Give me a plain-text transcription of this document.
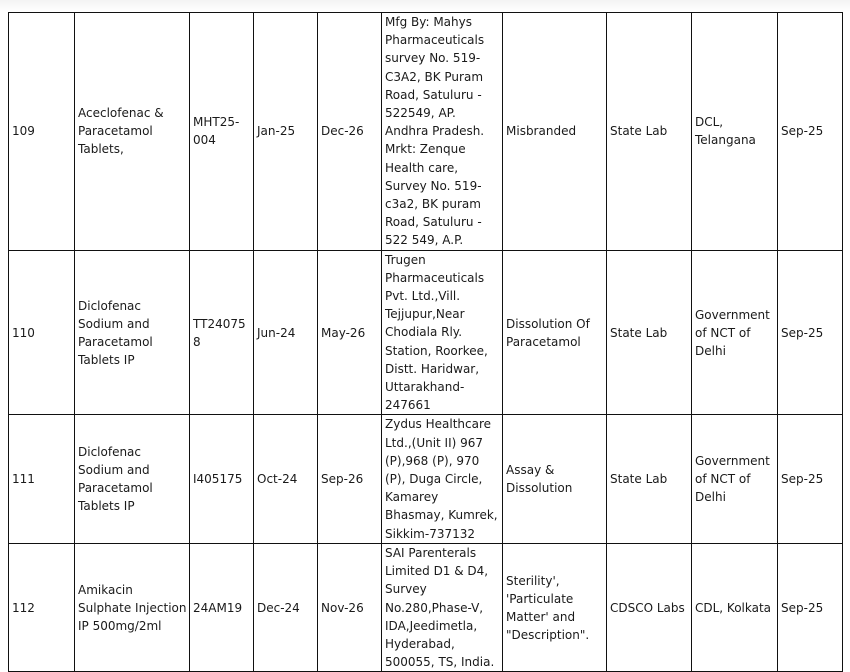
109	Aceclofenac & Paracetamol Tablets,	MHT25-004	Jan-25	Dec-26	Mfg By: Mahys Pharmaceuticals survey No. 519-C3A2, BK Puram Road, Satuluru - 522549, AP. Andhra Pradesh. Mrkt: Zenque Health care, Survey No. 519-c3a2, BK puram Road, Satuluru - 522 549, A.P.	Misbranded	State Lab	DCL, Telangana	Sep-25
110	Diclofenac Sodium and Paracetamol Tablets IP	TT240758	Jun-24	May-26	Trugen Pharmaceuticals Pvt. Ltd.,Vill. Tejjupur,Near Chodiala Rly. Station, Roorkee, Distt. Haridwar, Uttarakhand-247661	Dissolution Of Paracetamol	State Lab	Government of NCT of Delhi	Sep-25
111	Diclofenac Sodium and Paracetamol Tablets IP	I405175	Oct-24	Sep-26	Zydus Healthcare Ltd.,(Unit II) 967 (P),968 (P), 970 (P), Duga Circle, Kamarey Bhasmay, Kumrek, Sikkim-737132	Assay & Dissolution	State Lab	Government of NCT of Delhi	Sep-25
112	Amikacin Sulphate Injection IP 500mg/2ml	24AM19	Dec-24	Nov-26	SAI Parenterals Limited D1 & D4, Survey No.280,Phase-V, IDA,Jeedimetla, Hyderabad, 500055, TS, India.	Sterility', 'Particulate Matter' and "Description".	CDSCO Labs	CDL, Kolkata	Sep-25
